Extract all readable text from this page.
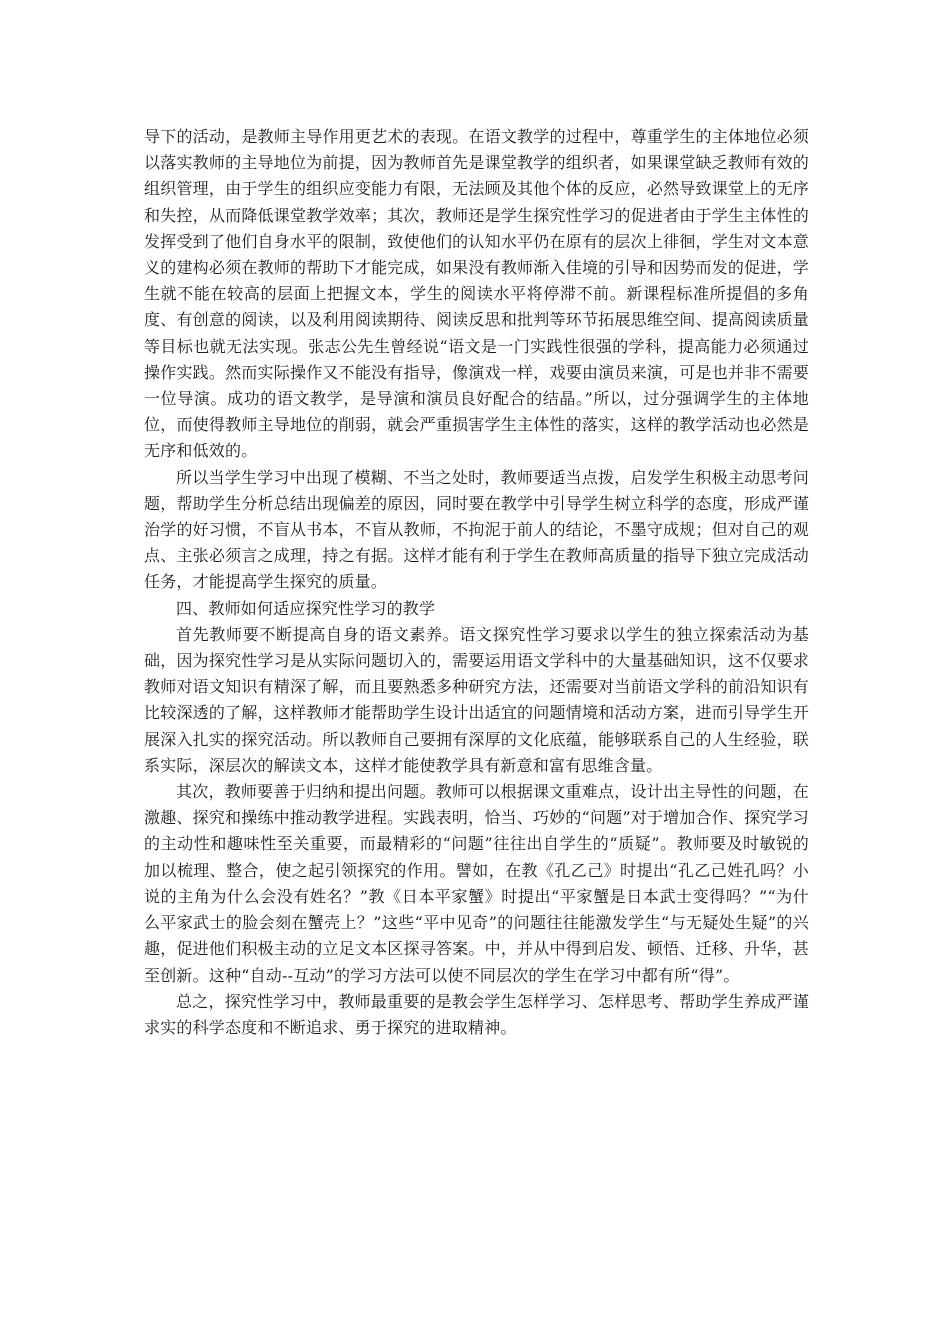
导下的活动，是教师主导作用更艺术的表现。在语文教学的过程中，尊重学生的主体地位必须以落实教师的主导地位为前提，因为教师首先是课堂教学的组织者，如果课堂缺乏教师有效的组织管理，由于学生的组织应变能力有限，无法顾及其他个体的反应，必然导致课堂上的无序和失控，从而降低课堂教学效率；其次，教师还是学生探究性学习的促进者由于学生主体性的发挥受到了他们自身水平的限制，致使他们的认知水平仍在原有的层次上徘徊，学生对文本意义的建构必须在教师的帮助下才能完成，如果没有教师渐入佳境的引导和因势而发的促进，学生就不能在较高的层面上把握文本，学生的阅读水平将停滞不前。新课程标准所提倡的多角度、有创意的阅读，以及利用阅读期待、阅读反思和批判等环节拓展思维空间、提高阅读质量等目标也就无法实现。张志公先生曾经说“语文是一门实践性很强的学科，提高能力必须通过操作实践。然而实际操作又不能没有指导，像演戏一样，戏要由演员来演，可是也并非不需要一位导演。成功的语文教学，是导演和演员良好配合的结晶。”所以，过分强调学生的主体地位，而使得教师主导地位的削弱，就会严重损害学生主体性的落实，这样的教学活动也必然是无序和低效的。

所以当学生学习中出现了模糊、不当之处时，教师要适当点拨，启发学生积极主动思考问题，帮助学生分析总结出现偏差的原因，同时要在教学中引导学生树立科学的态度，形成严谨治学的好习惯，不盲从书本，不盲从教师，不拘泥于前人的结论，不墨守成规；但对自己的观点、主张必须言之成理，持之有据。这样才能有利于学生在教师高质量的指导下独立完成活动任务，才能提高学生探究的质量。

四、教师如何适应探究性学习的教学

首先教师要不断提高自身的语文素养。语文探究性学习要求以学生的独立探索活动为基础，因为探究性学习是从实际问题切入的，需要运用语文学科中的大量基础知识，这不仅要求教师对语文知识有精深了解，而且要熟悉多种研究方法，还需要对当前语文学科的前沿知识有比较深透的了解，这样教师才能帮助学生设计出适宜的问题情境和活动方案，进而引导学生开展深入扎实的探究活动。所以教师自己要拥有深厚的文化底蕴，能够联系自己的人生经验，联系实际，深层次的解读文本，这样才能使教学具有新意和富有思维含量。

其次，教师要善于归纳和提出问题。教师可以根据课文重难点，设计出主导性的问题，在激趣、探究和操练中推动教学进程。实践表明，恰当、巧妙的“问题”对于增加合作、探究学习的主动性和趣味性至关重要，而最精彩的“问题”往往出自学生的“质疑”。教师要及时敏锐的加以梳理、整合，使之起引领探究的作用。譬如，在教《孔乙己》时提出“孔乙己姓孔吗？小说的主角为什么会没有姓名？”教《日本平家蟹》时提出“平家蟹是日本武士变得吗？”“为什么平家武士的脸会刻在蟹壳上？”这些“平中见奇”的问题往往能激发学生“与无疑处生疑”的兴趣，促进他们积极主动的立足文本区探寻答案。中，并从中得到启发、顿悟、迁移、升华，甚至创新。这种“自动--互动”的学习方法可以使不同层次的学生在学习中都有所“得”。

总之，探究性学习中，教师最重要的是教会学生怎样学习、怎样思考、帮助学生养成严谨求实的科学态度和不断追求、勇于探究的进取精神。
